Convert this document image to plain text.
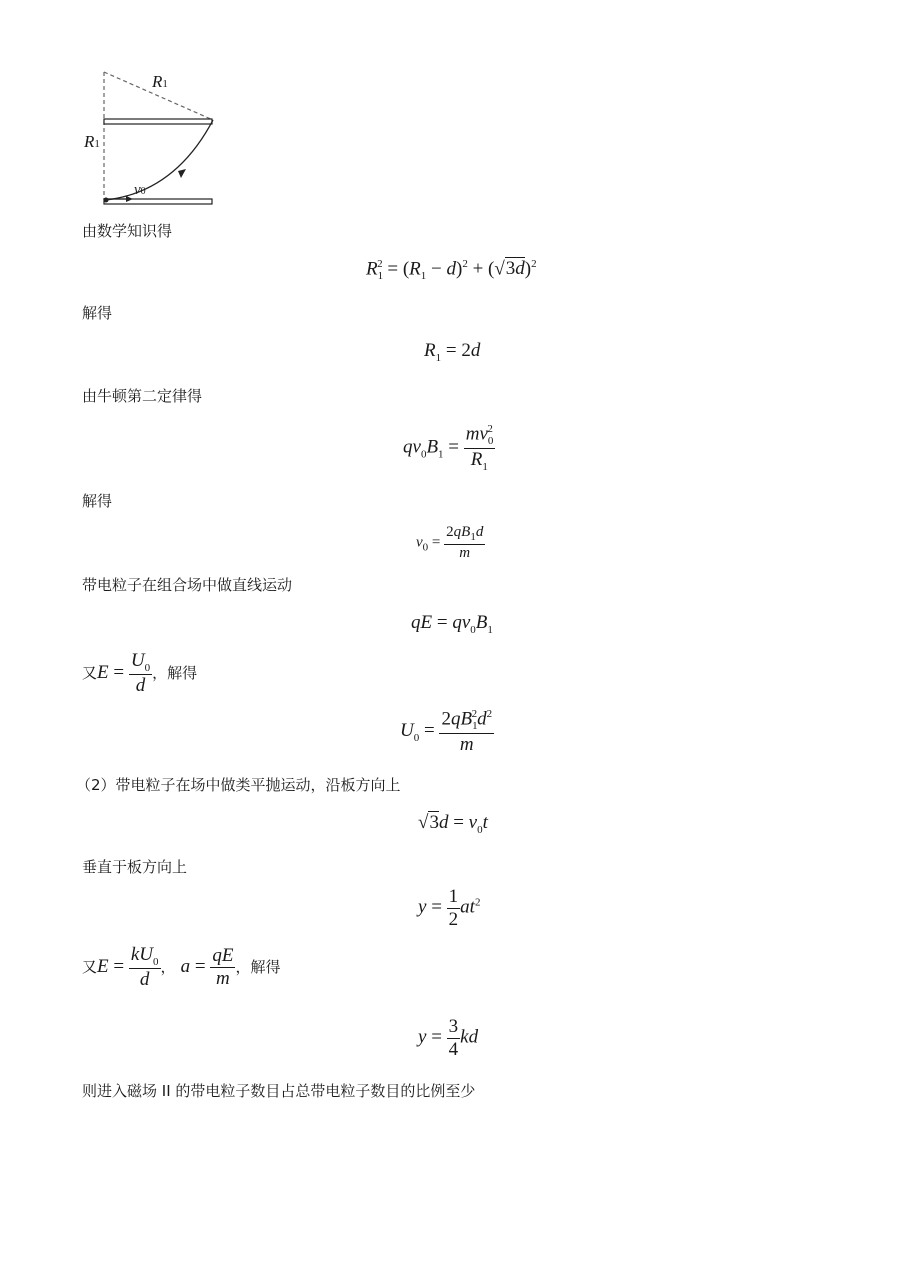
R1
R1
v0
由数学知识得
$R_1^2 = (R_1 - d)^2 + (√3d)^2$
解得
$R_1 = 2d$
由牛顿第二定律得
$qv_0B_1 = \frac{mv_0^2}{R_1}$
解得
$v_0 = \frac{2qB_1d}{m}$
带电粒子在组合场中做直线运动
qE = $qv_0B_1$
又$E = \frac{U_0}{d}$ ，解得
$U_0 = \frac{2qB_1^2d^2}{m}$
（2）带电粒子在场中做类平抛运动，沿板方向上
$√3d = v_0t$
垂直于板方向上
$y = \frac{1}{2} at^2$
又$E = \frac{kU_0}{d}$ ， $a = \frac{qE}{m}$ ，解得
$y = \frac{3}{4}$ kd
则进入磁场 II 的带电粒子数目占总带电粒子数目的比例至少
